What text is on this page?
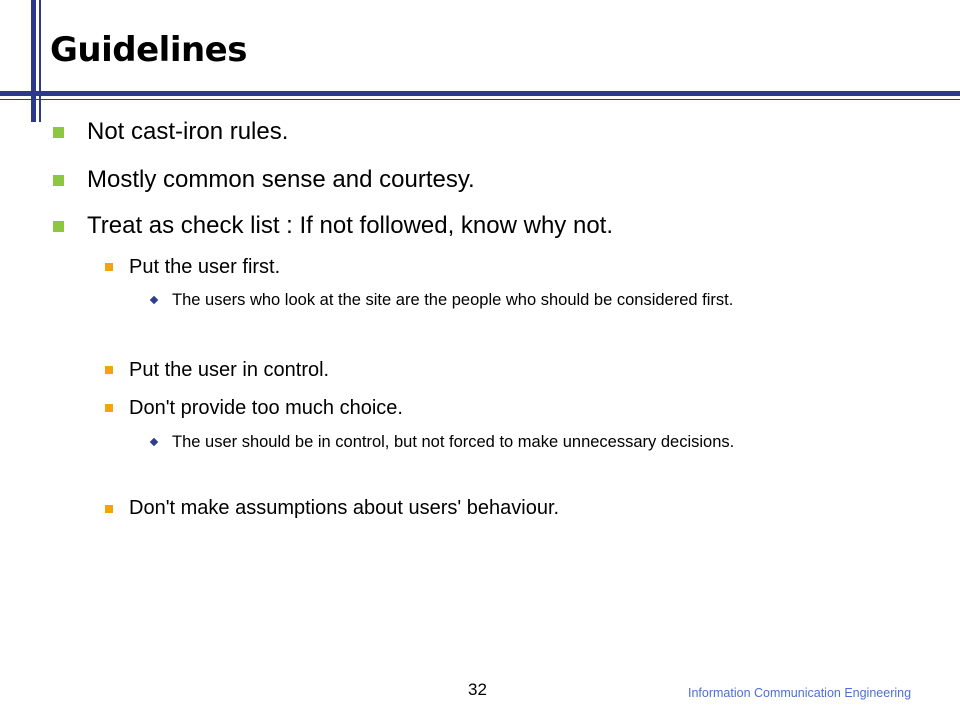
Guidelines
Not cast-iron rules.
Mostly common sense and courtesy.
Treat as check list : If not followed, know why not.
Put the user first.
The users who look at the site are the people who should be considered first.
Put the user in control.
Don't provide too much choice.
The user should be in control, but not forced to make unnecessary decisions.
Don't make assumptions about users' behaviour.
32	Information Communication Engineering
